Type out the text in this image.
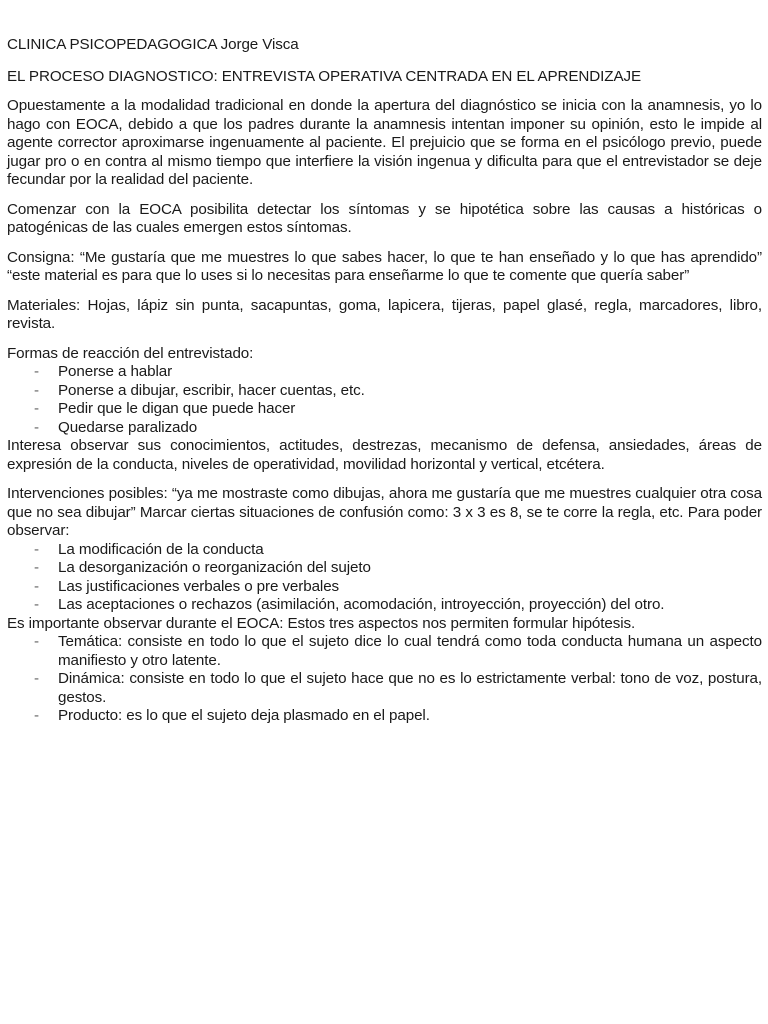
CLINICA PSICOPEDAGOGICA Jorge Visca

EL PROCESO DIAGNOSTICO: ENTREVISTA OPERATIVA CENTRADA EN EL APRENDIZAJE

Opuestamente a la modalidad tradicional en donde la apertura del diagnóstico se inicia con la anamnesis, yo lo hago con EOCA, debido a que los padres durante la anamnesis intentan imponer su opinión, esto le impide al agente corrector aproximarse ingenuamente al paciente. El prejuicio que se forma en el psicólogo previo, puede jugar pro o en contra al mismo tiempo que interfiere la visión ingenua y dificulta para que el entrevistador se deje fecundar por la realidad del paciente.

Comenzar con la EOCA posibilita detectar los síntomas y se hipotética sobre las causas a históricas o patogénicas de las cuales emergen estos síntomas.

Consigna: “Me gustaría que me muestres lo que sabes hacer, lo que te han enseñado y lo que has aprendido” “este material es para que lo uses si lo necesitas para enseñarme lo que te comente que quería saber”

Materiales: Hojas, lápiz sin punta, sacapuntas, goma, lapicera, tijeras, papel glasé, regla, marcadores, libro, revista.

Formas de reacción del entrevistado:

- Ponerse a hablar
- Ponerse a dibujar, escribir, hacer cuentas, etc.
- Pedir que le digan que puede hacer
- Quedarse paralizado

Interesa observar sus conocimientos, actitudes, destrezas, mecanismo de defensa, ansiedades, áreas de expresión de la conducta, niveles de operatividad, movilidad horizontal y vertical, etcétera.

Intervenciones posibles: “ya me mostraste como dibujas, ahora me gustaría que me muestres cualquier otra cosa que no sea dibujar” Marcar ciertas situaciones de confusión como: 3 x 3 es 8, se te corre la regla, etc. Para poder observar:

- La modificación de la conducta
- La desorganización o reorganización del sujeto
- Las justificaciones verbales o pre verbales
- Las aceptaciones o rechazos (asimilación, acomodación, introyección, proyección) del otro.

Es importante observar durante el EOCA: Estos tres aspectos nos permiten formular hipótesis.

- Temática: consiste en todo lo que el sujeto dice lo cual tendrá como toda conducta humana un aspecto manifiesto y otro latente.
- Dinámica: consiste en todo lo que el sujeto hace que no es lo estrictamente verbal: tono de voz, postura, gestos.
- Producto: es lo que el sujeto deja plasmado en el papel.
